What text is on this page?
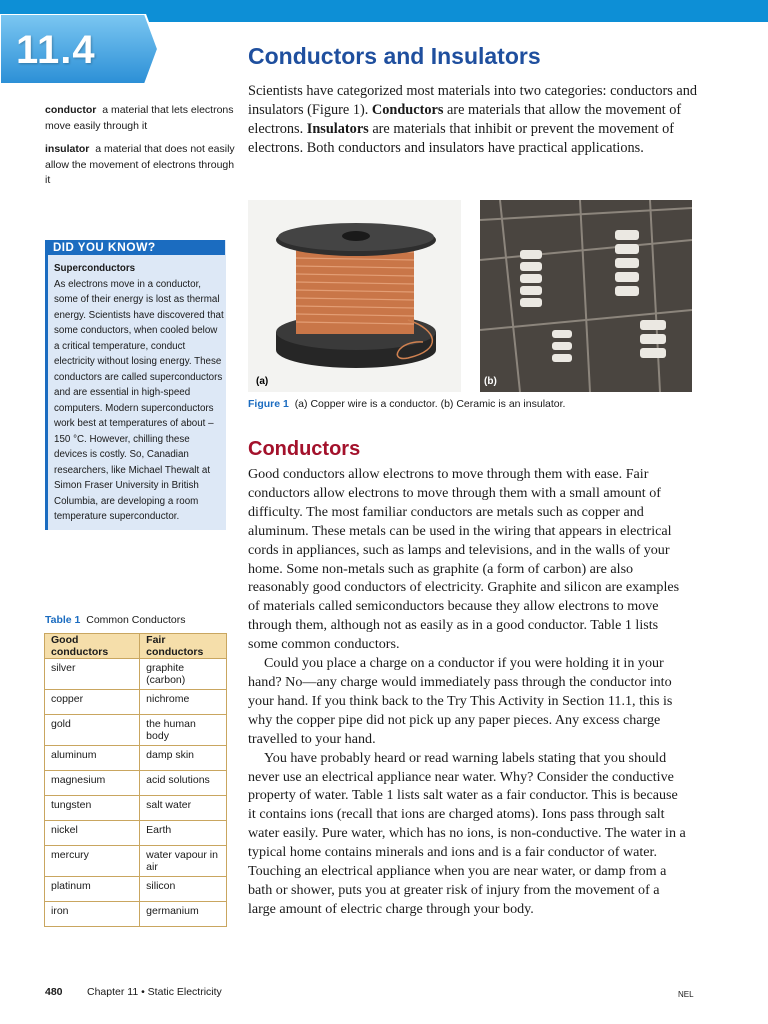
11.4	Conductors and Insulators
Scientists have categorized most materials into two categories: conductors and insulators (Figure 1). Conductors are materials that allow the movement of electrons. Insulators are materials that inhibit or prevent the movement of electrons. Both conductors and insulators have practical applications.
conductor a material that lets electrons move easily through it
insulator a material that does not easily allow the movement of electrons through it
DID YOU KNOW?
Superconductors
As electrons move in a conductor, some of their energy is lost as thermal energy. Scientists have discovered that some conductors, when cooled below a critical temperature, conduct electricity without losing energy. These conductors are called superconductors and are essential in high-speed computers. Modern superconductors work best at temperatures of about –150 °C. However, chilling these devices is costly. So, Canadian researchers, like Michael Thewalt at Simon Fraser University in British Columbia, are developing a room temperature superconductor.
(a)	(b)
Figure 1 (a) Copper wire is a conductor. (b) Ceramic is an insulator.
Conductors

Good conductors allow electrons to move through them with ease. Fair conductors allow electrons to move through them with a small amount of difficulty. The most familiar conductors are metals such as copper and aluminum. These metals can be used in the wiring that appears in electrical cords in appliances, such as lamps and televisions, and in the walls of your home. Some non-metals such as graphite (a form of carbon) are also reasonably good conductors of electricity. Graphite and silicon are examples of materials called semiconductors because they allow electrons to move through them, although not as easily as in a good conductor. Table 1 lists some common conductors.

Could you place a charge on a conductor if you were holding it in your hand? No—any charge would immediately pass through the conductor into your hand. If you think back to the Try This Activity in Section 11.1, this is why the copper pipe did not pick up any paper pieces. Any excess charge travelled to your hand.

You have probably heard or read warning labels stating that you should never use an electrical appliance near water. Why? Consider the conductive property of water. Table 1 lists salt water as a fair conductor. This is because it contains ions (recall that ions are charged atoms). Ions pass through salt water easily. Pure water, which has no ions, is non-conductive. The water in a typical home contains minerals and ions and is a fair conductor of water. Touching an electrical appliance when you are near water, or damp from a bath or shower, puts you at greater risk of injury from the movement of a large amount of electric charge through your body.

Table 1 Common Conductors
Good conductors	Fair conductors
silver	graphite (carbon)
copper	nichrome
gold	the human body
aluminum	damp skin
magnesium	acid solutions
tungsten	salt water
nickel	Earth
mercury	water vapour in air
platinum	silicon
iron	germanium
480 Chapter 11 • Static Electricity	NEL
